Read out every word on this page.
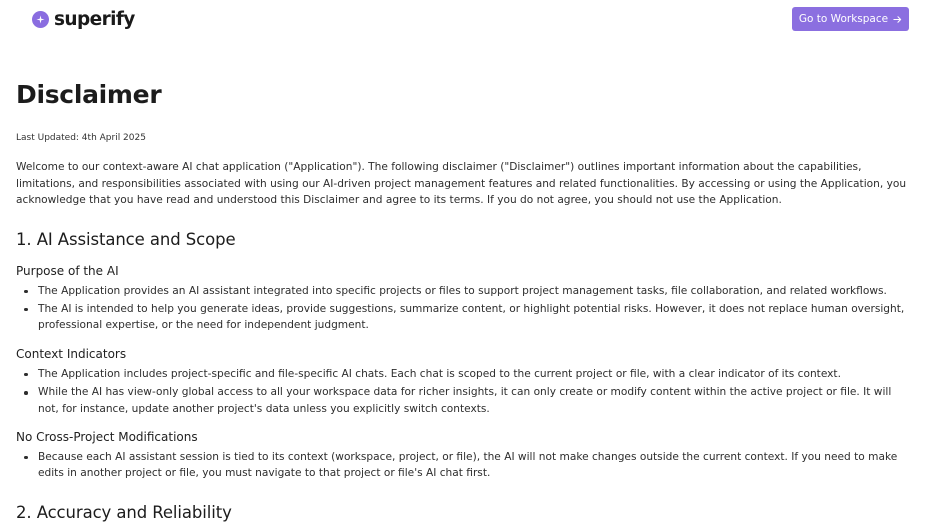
superify	Go to Workspace
Disclaimer

Last Updated: 4th April 2025

Welcome to our context-aware AI chat application ("Application"). The following disclaimer ("Disclaimer") outlines important information about the capabilities, limitations, and responsibilities associated with using our AI-driven project management features and related functionalities. By accessing or using the Application, you acknowledge that you have read and understood this Disclaimer and agree to its terms. If you do not agree, you should not use the Application.

1. AI Assistance and Scope
Purpose of the AI
The Application provides an AI assistant integrated into specific projects or files to support project management tasks, file collaboration, and related workflows.
The AI is intended to help you generate ideas, provide suggestions, summarize content, or highlight potential risks. However, it does not replace human oversight, professional expertise, or the need for independent judgment.
Context Indicators
The Application includes project-specific and file-specific AI chats. Each chat is scoped to the current project or file, with a clear indicator of its context.
While the AI has view-only global access to all your workspace data for richer insights, it can only create or modify content within the active project or file. It will not, for instance, update another project's data unless you explicitly switch contexts.
No Cross-Project Modifications
Because each AI assistant session is tied to its context (workspace, project, or file), the AI will not make changes outside the current context. If you need to make edits in another project or file, you must navigate to that project or file's AI chat first.
2. Accuracy and Reliability
